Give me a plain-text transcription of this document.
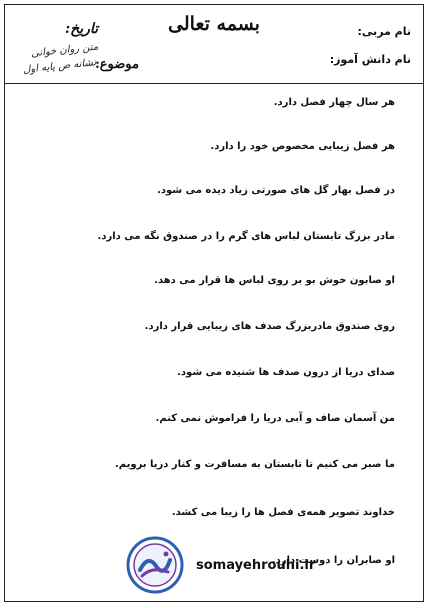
بسمه تعالی	نام مربی:
نام دانش آموز:
تاریخ:
موضوع:
متن روان خوانی
نشانه ص پایه اول
هر سال چهار فصل دارد.
هر فصل زیبایی مخصوص خود را دارد.
در فصل بهار گل های صورتی زیاد دیده می شود.
مادر بزرگ تابستان لباس های گرم را در صندوق نگه می دارد.
او صابون خوش بو بر روی لباس ها قرار می دهد.
روی صندوق مادربزرگ صدف های زیبایی قرار دارد.
صدای دریا از درون صدف ها شنیده می شود.
من آسمان صاف و آبی دریا را فراموش نمی کنم.
ما صبر می کنیم تا تابستان به مسافرت و کنار دریا برویم.
خداوند تصویر همه‌ی فصل ها را زیبا می کشد.
او صابران را دوست دارد.
somayehrouhi.ir
